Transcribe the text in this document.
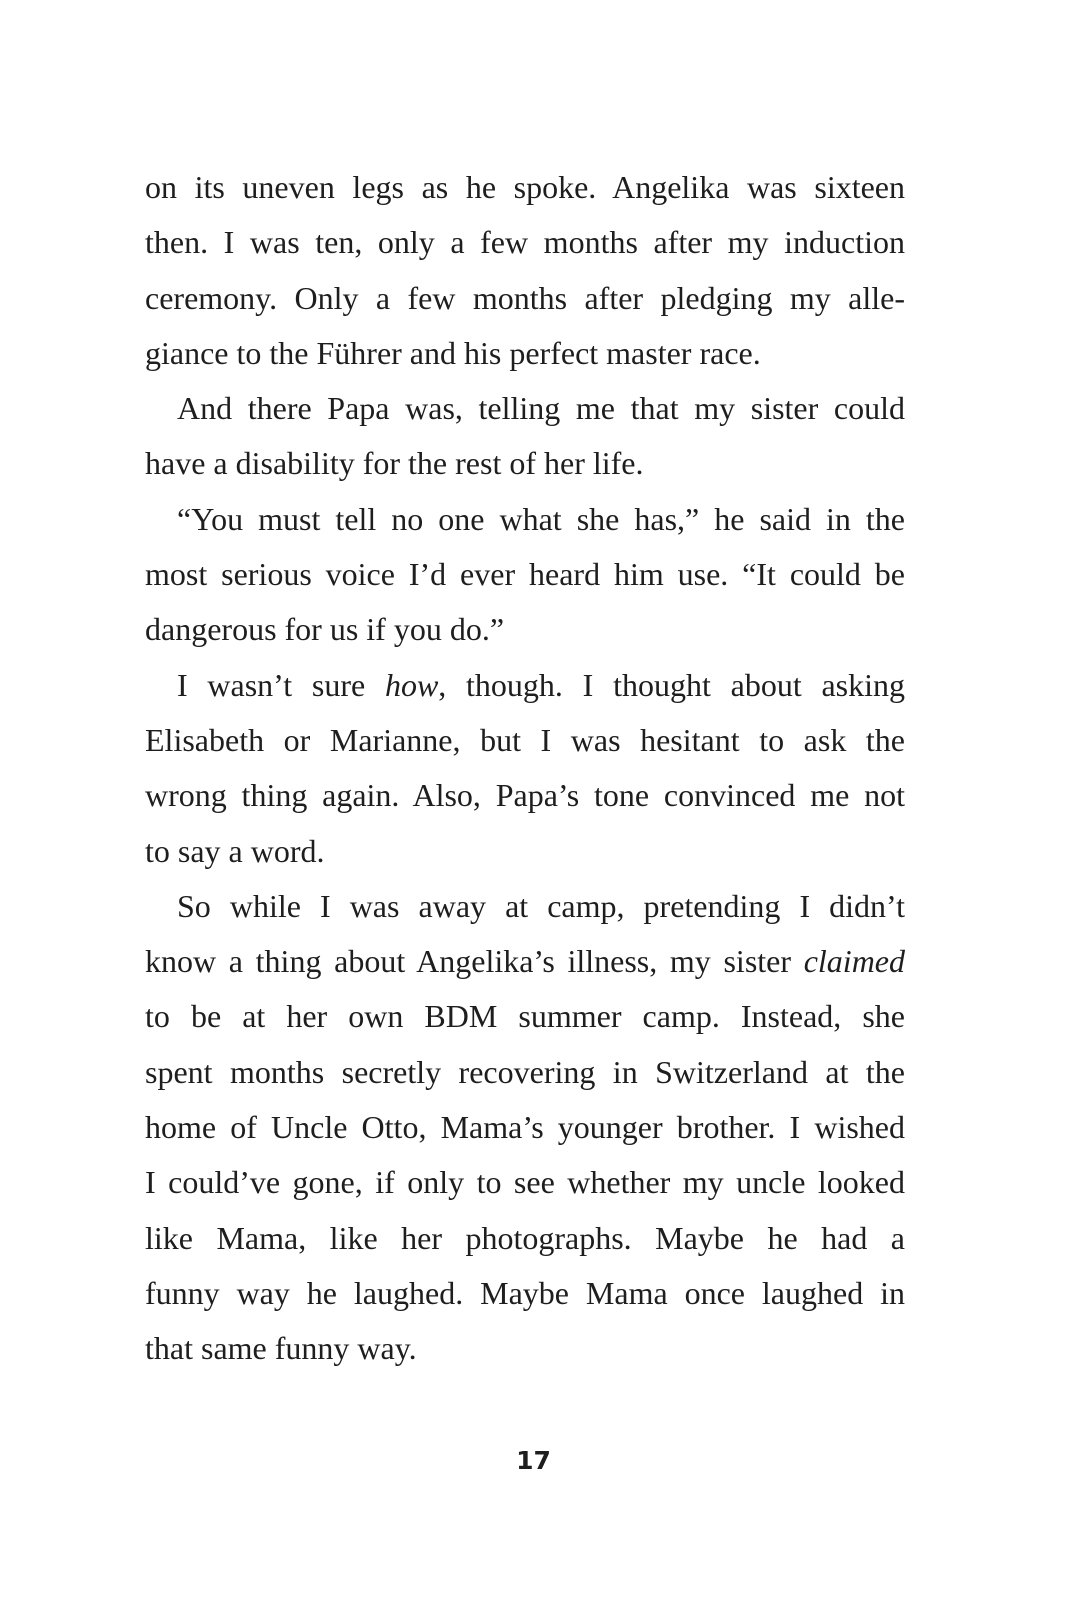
on its uneven legs as he spoke. Angelika was sixteen
then. I was ten, only a few months after my induction
ceremony. Only a few months after pledging my alle-
giance to the Führer and his perfect master race.
And there Papa was, telling me that my sister could
have a disability for the rest of her life.
“You must tell no one what she has,” he said in the
most serious voice I’d ever heard him use. “It could be
dangerous for us if you do.”
I wasn’t sure how, though. I thought about asking
Elisabeth or Marianne, but I was hesitant to ask the
wrong thing again. Also, Papa’s tone convinced me not
to say a word.
So while I was away at camp, pretending I didn’t
know a thing about Angelika’s illness, my sister claimed
to be at her own BDM summer camp. Instead, she
spent months secretly recovering in Switzerland at the
home of Uncle Otto, Mama’s younger brother. I wished
I could’ve gone, if only to see whether my uncle looked
like Mama, like her photographs. Maybe he had a
funny way he laughed. Maybe Mama once laughed in
that same funny way.
17
